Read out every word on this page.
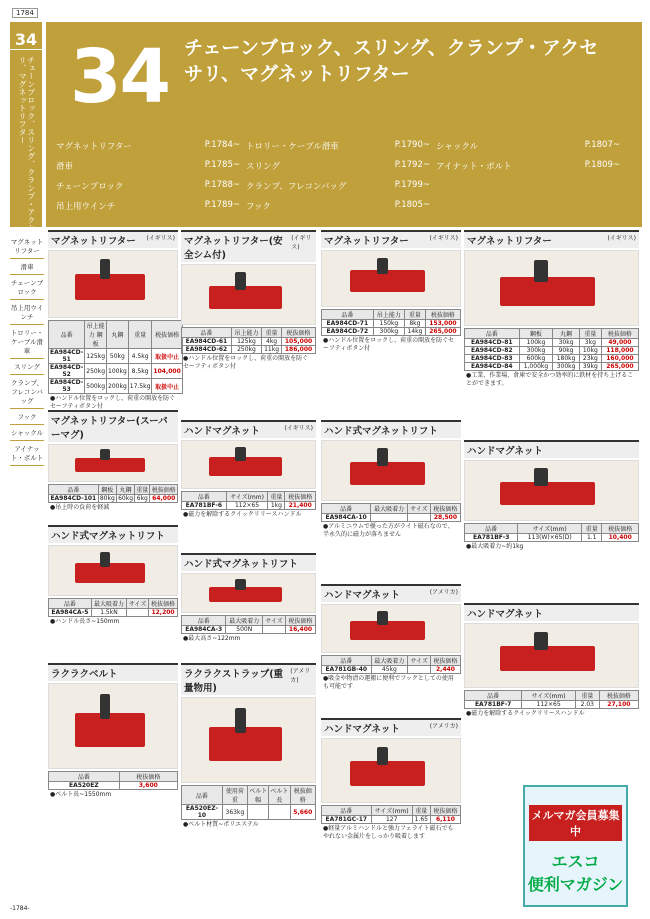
1784
34
チェーンブロック、スリング、クランプ・アクセサリ、マグネットリフター 34 チェーンブロック、スリング、クランプ・アクセサリ、マグネットリフター
マグネットリフター	P.1784~ トロリー・ケーブル滑車	P.1790~ シャックル	P.1807~
滑車	P.1785~ スリング	P.1792~ アイナット・ボルト	P.1809~
チェーンブロック	P.1788~ クランプ、フレコンバッグ	P.1799~
吊上用ウインチ	P.1789~ フック	P.1805~
マグネットリフター
滑車
チェーンブロック
吊上用ウインチ
トロリー・ケーブル滑車
スリング
クランプ、フレコンバッグ
フック
シャックル
アイナット・ボルト
マグネットリフター (イギリス)
品番	吊上能力 鋼板	丸鋼	重量	税抜価格
EA984CD-51	125kg	50kg	4.5kg	取扱中止
EA984CD-52	250kg	100kg	8.5kg	104,000
EA984CD-53	500kg	200kg	17.5kg	取扱中止
●ハンドル位置をロックし、荷重の開放を防ぐセーフティボタン付
マグネットリフター(安全シム付)
(イギリス)
品番	吊上能力	重量	税抜価格
EA984CD-61	125kg	4kg	105,000
EA984CD-62	250kg	11kg	186,000
●ハンドル位置をロックし、荷重の開放を防ぐセーフティボタン付
マグネットリフター	(イギリス)
品番	吊上能力	重量	税抜価格
EA984CD-71	150kg	8kg	153,000
EA984CD-72	300kg	14kg	265,000
●ハンドル位置をロックし、荷重の開放を防ぐセーフティボタン付
マグネットリフター	(イギリス)
品番	鋼板	丸鋼	重量	税抜価格
EA984CD-81	100kg	30kg	3kg	49,000
EA984CD-82	300kg	90kg	10kg	118,000
EA984CD-83	600kg	180kg	23kg	160,000
EA984CD-84	1,000kg	300kg	39kg	265,000
●工業、作業場、倉庫で安全かつ効率的に鉄材を持ち上げることができます。
マグネットリフター(スーパーマグ)
品番	鋼板	丸鋼	重量	税抜価格
EA984CD-101	80kg	60kg	6kg	64,000
●吊上時の負荷を軽減
ハンドマグネット	(イギリス)
品番	サイズ(mm)	重量	税抜価格
EA781BF-6	112×65	1kg	21,400
●磁力を解除するクイックリリースハンドル
ハンド式マグネットリフト
品番	最大吸着力	サイズ	税抜価格
EA984CA-10			28,500
●アルミニウムで優った方がライト磁石なので、半永久的に磁力が落ちません
ハンドマグネット
品番	サイズ(mm)	重量	税抜価格
EA781BF-3	113(W)×65(D)	1.1	10,400
●最大吸着力~約1kg
ハンド式マグネットリフト
品番	最大吸着力	サイズ	税抜価格
EA984CA-5	1.5kN		12,200
●ハンドル長さ~150mm
ハンド式マグネットリフト
品番	最大吸着力	サイズ	税抜価格
EA984CA-3	500N		16,400
●最大高さ~122mm
ハンドマグネット	(アメリカ)
品番	最大吸着力	サイズ	税抜価格
EA781GB-40	45kg		2,440
●吸金や物清の運搬に便利でフックとしての使用も可能です
ハンドマグネット
品番	サイズ(mm)	重量	税抜価格
EA781BF-7	112×65	2.03	27,100
●磁力を解除するクイックリリースハンドル
ラクラクベルト
品番	税抜価格
EA520EZ	3,600
●ベルト長~1550mm
ラクラクストラップ(重量物用)
(アメリカ)
品番	使用荷重	ベルト幅	ベルト長	税抜価格
EA520EZ-10	363kg			5,660
●ベルト材質~ポリエステル
ハンドマグネット	(アメリカ)
品番	サイズ(mm)	重量	税抜価格
EA781GC-17	127	1.65	6,110
●軽量アルミハンドルと強力フェライト磁石でもやれない金属片をしっかり吸着します
メルマガ会員募集中
エスコ
便利マガジン
-1784-
